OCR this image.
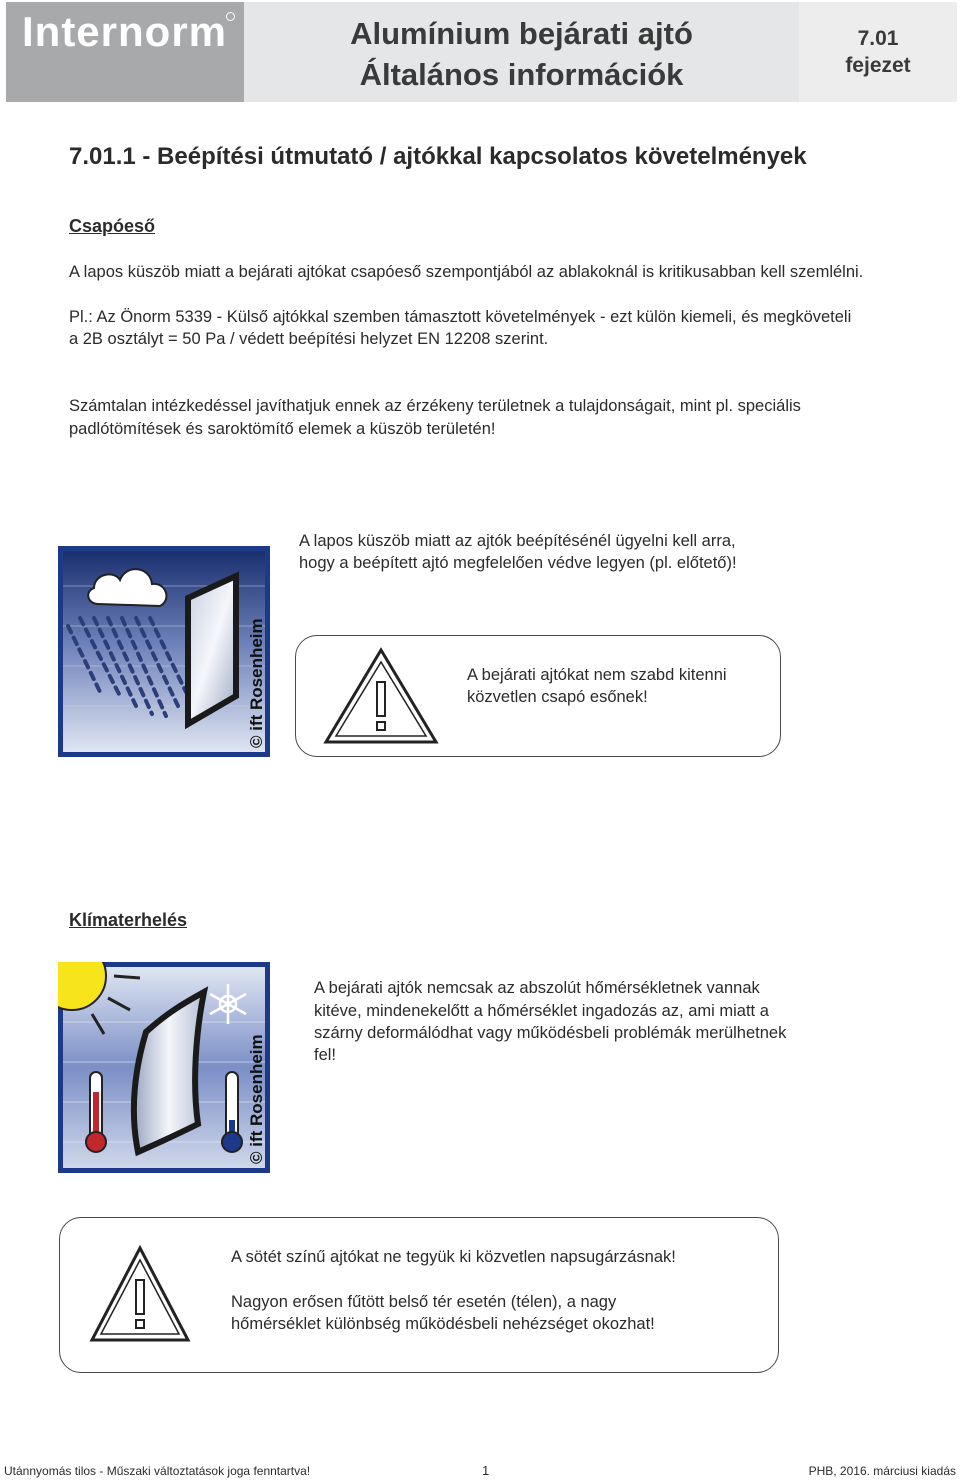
Internorm	Alumínium bejárati ajtó
Általános információk
7.01
fejezet
7.01.1 - Beépítési útmutató / ajtókkal kapcsolatos követelmények
Csapóeső
A lapos küszöb miatt a bejárati ajtókat csapóeső szempontjából az ablakoknál is kritikusabban kell szemlélni.
Pl.: Az Önorm 5339 - Külső ajtókkal szemben támasztott követelmények - ezt külön kiemeli, és megköveteli
a 2B osztályt = 50 Pa / védett beépítési helyzet EN 12208 szerint.
Számtalan intézkedéssel javíthatjuk ennek az érzékeny területnek a tulajdonságait, mint pl. speciális
padlótömítések és saroktömítő elemek a küszöb területén!
© ift Rosenheim
A lapos küszöb miatt az ajtók beépítésénél ügyelni kell arra,
hogy a beépített ajtó megfelelően védve legyen (pl. előtető)!
A bejárati ajtókat nem szabd kitenni
közvetlen csapó esőnek!
Klímaterhelés
© ift Rosenheim
A bejárati ajtók nemcsak az abszolút hőmérsékletnek vannak
kitéve, mindenekelőtt a hőmérséklet ingadozás az, ami miatt a
szárny deformálódhat vagy működésbeli problémák merülhetnek
fel!
A sötét színű ajtókat ne tegyük ki közvetlen napsugárzásnak!
Nagyon erősen fűtött belső tér esetén (télen), a nagy
hőmérséklet különbség működésbeli nehézséget okozhat!
Utánnyomás tilos - Műszaki változtatások joga fenntartva!	1	PHB, 2016. márciusi kiadás
